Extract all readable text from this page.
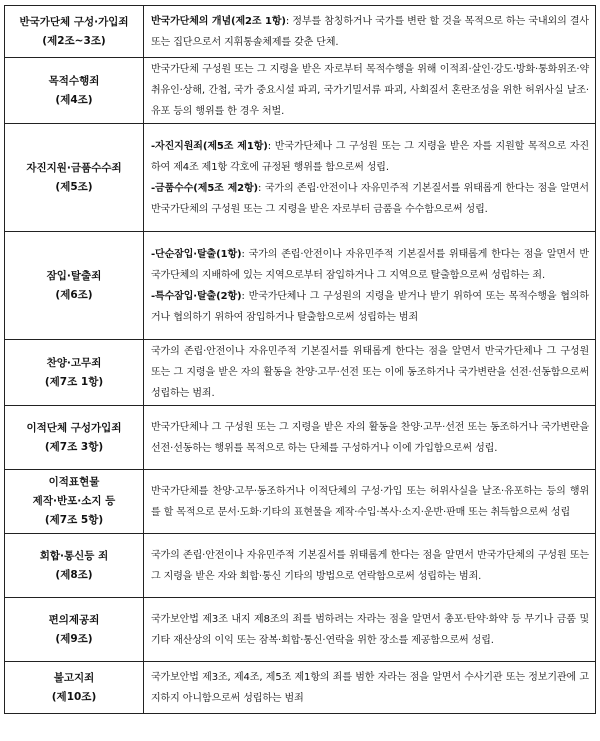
반국가단체 구성·가입죄
(제2조~3조)	반국가단체의 개념(제2조 1항): 정부를 참칭하거나 국가를 변란 할 것을 목적으로 하는 국내외의 결사 또는 집단으로서 지휘통솔체제를 갖춘 단체.

목적수행죄
(제4조)	반국가단체 구성원 또는 그 지령을 받은 자로부터 목적수행을 위해 이적죄·살인·강도·방화·통화위조·약취유인·상해, 간첩, 국가 중요시설 파괴, 국가기밀서류 파괴, 사회질서 혼란조성을 위한 허위사실 날조·유포 등의 행위를 한 경우 처벌.

자진지원·금품수수죄
(제5조)	-자진지원죄(제5조 제1항): 반국가단체나 그 구성원 또는 그 지령을 받은 자를 지원할 목적으로 자진하여 제4조 제1항 각호에 규정된 행위를 함으로써 성립.
-금품수수(제5조 제2항): 국가의 존립·안전이나 자유민주적 기본질서를 위태롭게 한다는 점을 알면서 반국가단체의 구성원 또는 그 지령을 받은 자로부터 금품을 수수함으로써 성립.

잠입·탈출죄
(제6조)	-단순잠입·탈출(1항): 국가의 존립·안전이나 자유민주적 기본질서를 위태롭게 한다는 점을 알면서 반국가단체의 지배하에 있는 지역으로부터 잠입하거나 그 지역으로 탈출함으로써 성립하는 죄.
-특수잠입·탈출(2항): 반국가단체나 그 구성원의 지령을 받거나 받기 위하여 또는 목적수행을 협의하거나 협의하기 위하여 잠입하거나 탈출함으로써 성립하는 범죄

찬양·고무죄
(제7조 1항)	국가의 존립·안전이나 자유민주적 기본질서를 위태롭게 한다는 점을 알면서 반국가단체나 그 구성원 또는 그 지령을 받은 자의 활동을 찬양·고무·선전 또는 이에 동조하거나 국가변란을 선전·선동함으로써 성립하는 범죄.

이적단체 구성가입죄
(제7조 3항)	반국가단체나 그 구성원 또는 그 지령을 받은 자의 활동을 찬양·고무·선전 또는 동조하거나 국가변란을 선전·선동하는 행위를 목적으로 하는 단체를 구성하거나 이에 가입함으로써 성립.

이적표현물
제작·반포·소지 등
(제7조 5항)	반국가단체를 찬양·고무·동조하거나 이적단체의 구성·가입 또는 허위사실을 날조·유포하는 등의 행위를 할 목적으로 문서·도화·기타의 표현물을 제작·수입·복사·소지·운반·판매 또는 취득함으로써 성립

회합·통신등 죄
(제8조)	국가의 존립·안전이나 자유민주적 기본질서를 위태롭게 한다는 점을 알면서 반국가단체의 구성원 또는 그 지령을 받은 자와 회합·통신 기타의 방법으로 연락함으로써 성립하는 범죄.

편의제공죄
(제9조)	국가보안법 제3조 내지 제8조의 죄를 범하려는 자라는 점을 알면서 총포·탄약·화약 등 무기나 금품 및 기타 재산상의 이익 또는 잠복·회합·통신·연락을 위한 장소를 제공함으로써 성립.

불고지죄
(제10조)	국가보안법 제3조, 제4조, 제5조 제1항의 죄를 범한 자라는 점을 알면서 수사기관 또는 정보기관에 고지하지 아니함으로써 성립하는 범죄
